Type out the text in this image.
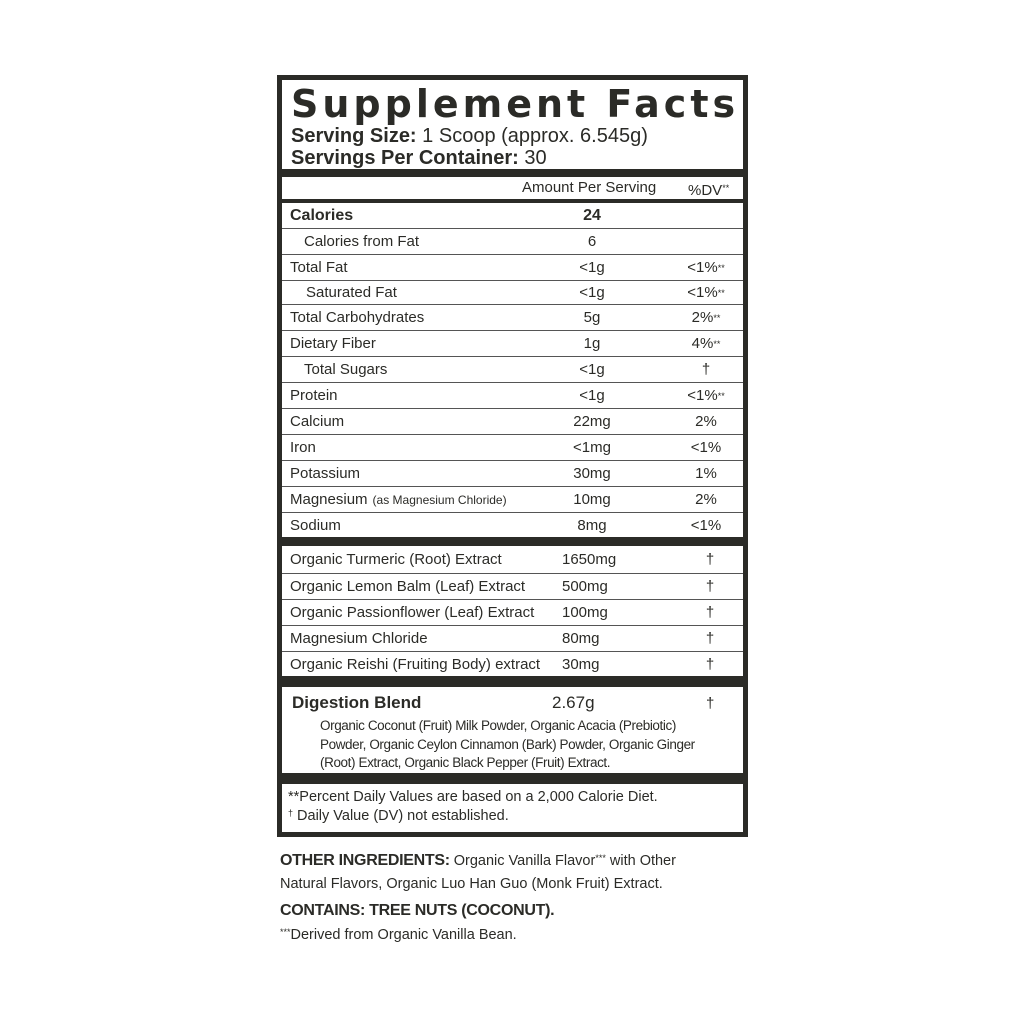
Supplement Facts
Serving Size: 1 Scoop (approx. 6.545g)
Servings Per Container: 30
Amount Per Serving %DV**
Calories	24
Calories from Fat	6
Total Fat	<1g	<1% **
Saturated Fat	<1g	<1% **
Total Carbohydrates	5g	2% **
Dietary Fiber	1g	4% **
Total Sugars	<1g	†
Protein	<1g	<1% **
Calcium	22mg	2%
Iron	<1mg	<1%
Potassium	30mg	1%
Magnesium (as Magnesium Chloride)	10mg	2%
Sodium	8mg	<1%
Organic Turmeric (Root) Extract	1650mg	†
Organic Lemon Balm (Leaf) Extract 500mg	†
Organic Passionflower (Leaf) Extract 100mg	†
Magnesium Chloride	80mg	†
Organic Reishi (Fruiting Body) extract 30mg	†
Digestion Blend	2.67g	†
Organic Coconut (Fruit) Milk Powder, Organic Acacia (Prebiotic) Powder, Organic Ceylon Cinnamon (Bark) Powder, Organic Ginger (Root) Extract, Organic Black Pepper (Fruit) Extract.
**Percent Daily Values are based on a 2,000 Calorie Diet.
† Daily Value (DV) not established.
OTHER INGREDIENTS: Organic Vanilla Flavor*** with Other
Natural Flavors, Organic Luo Han Guo (Monk Fruit) Extract.
CONTAINS: TREE NUTS (COCONUT).
***Derived from Organic Vanilla Bean.
